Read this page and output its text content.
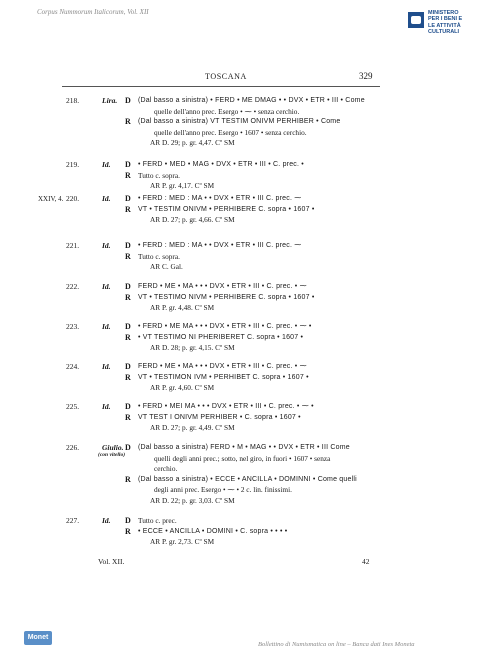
Corpus Nummorum Italicorum, Vol. XII	MINISTERO
PER I BENI E
LE ATTIVITÀ
CULTURALI
TOSCANA	329
218.	Lira. D (Dal basso a sinistra) • FERD • ME DMAG • • DVX • ETR • III • Come
quelle dell'anno prec. Esergo • ⁓ • senza cerchio.
R (Dal basso a sinistra) VT TESTIM ONIVM PERHIBER • Come
quelle dell'anno prec. Esergo • 1607 • senza cerchio.
AR D. 29; p. gr. 4,47. Cº SM
219.	Id. D • FERD • MED • MAG • DVX • ETR • III • C. prec. •
R Tutto c. sopra.
AR P. gr. 4,17. Cº SM
XXIV, 4. 220.	Id. D • FERD : MED : MA • • DVX • ETR • III C. prec. ⁓
R VT • TESTIM ONIVM • PERHIBERE C. sopra • 1607 •
AR D. 27; p. gr. 4,66. Cº SM
221.	Id. D • FERD : MED : MA • • DVX • ETR • III C. prec. ⁓
R Tutto c. sopra.
AR C. Gal.
222.	Id. D FERD • ME • MA • • • DVX • ETR • III • C. prec. • ⁓
R VT • TESTIMO NIVM • PERHIBERE C. sopra • 1607 •
AR P. gr. 4,48. Cº SM
223.	Id. D • FERD • ME MA • • • DVX • ETR • III • C. prec. • ⁓ •
R • VT TESTIMO NI PHERIBERET C. sopra • 1607 •
AR D. 28; p. gr. 4,15. Cº SM
224.	Id. D FERD • ME • MA • • • DVX • ETR • III • C. prec. • ⁓
R VT • TESTIMON IVM • PERHIBET C. sopra • 1607 •
AR P. gr. 4,60. Cº SM
225.	Id. D • FERD • MEI MA • • • DVX • ETR • III • C. prec. • ⁓ •
R VT TEST I ONIVM PERHIBER • C. sopra • 1607 •
AR D. 27; p. gr. 4,49. Cº SM
226.	Giulio.
(con vitello)
D (Dal basso a sinistra) FERD • M • MAG • • DVX • ETR • III Come
quelli degli anni prec.; sotto, nel giro, in fuori • 1607 • senza
cerchio.
R (Dal basso a sinistra) • ECCE • ANCILLA • DOMINNI • Come quelli
degli anni prec. Esergo • ⁓ • 2 c. lin. finissimi.
AR D. 22; p. gr. 3,03. Cº SM
227.	Id. D Tutto c. prec.
R • ECCE • ANCILLA • DOMINI • C. sopra • • • •
AR P. gr. 2,73. Cº SM
Vol. XII.	42
Monet
Bollettino di Numismatica on line – Banca dati Ines Moneta
